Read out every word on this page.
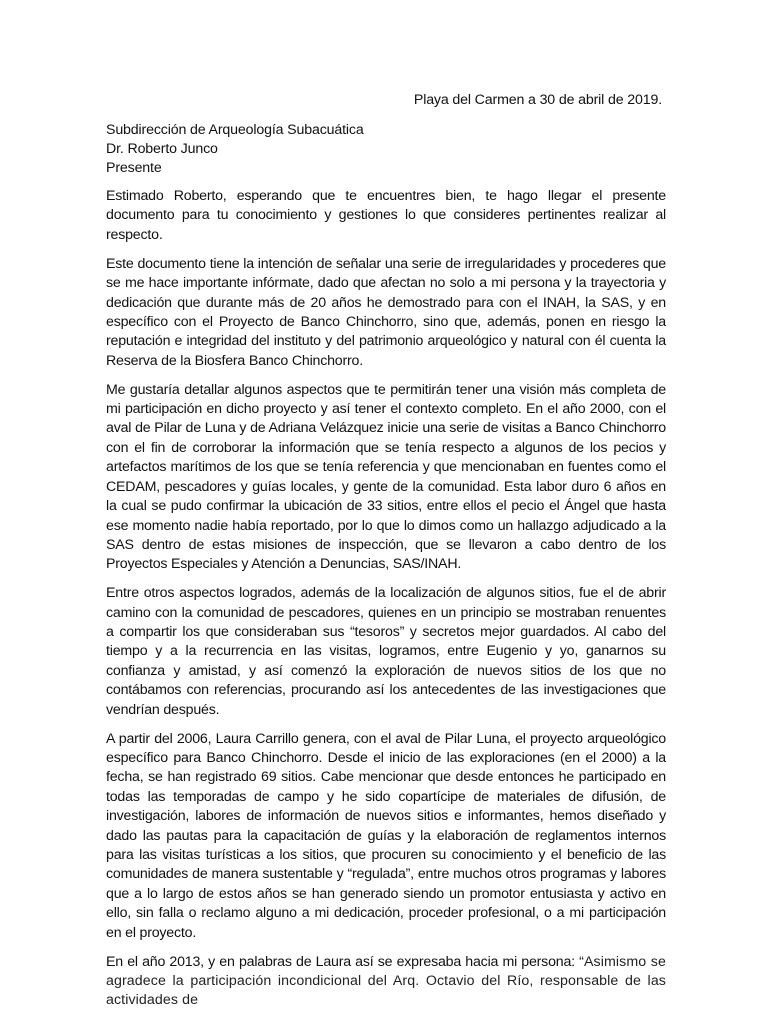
Playa del Carmen a 30 de abril de 2019.
Subdirección de Arqueología Subacuática
Dr. Roberto Junco
Presente

Estimado Roberto, esperando que te encuentres bien, te hago llegar el presente documento para tu conocimiento y gestiones lo que consideres pertinentes realizar al respecto.

Este documento tiene la intención de señalar una serie de irregularidades y procederes que se me hace importante infórmate, dado que afectan no solo a mi persona y la trayectoria y dedicación que durante más de 20 años he demostrado para con el INAH, la SAS, y en específico con el Proyecto de Banco Chinchorro, sino que, además, ponen en riesgo la reputación e integridad del instituto y del patrimonio arqueológico y natural con él cuenta la Reserva de la Biosfera Banco Chinchorro.

Me gustaría detallar algunos aspectos que te permitirán tener una visión más completa de mi participación en dicho proyecto y así tener el contexto completo. En el año 2000, con el aval de Pilar de Luna y de Adriana Velázquez inicie una serie de visitas a Banco Chinchorro con el fin de corroborar la información que se tenía respecto a algunos de los pecios y artefactos marítimos de los que se tenía referencia y que mencionaban en fuentes como el CEDAM, pescadores y guías locales, y gente de la comunidad. Esta labor duro 6 años en la cual se pudo confirmar la ubicación de 33 sitios, entre ellos el pecio el Ángel que hasta ese momento nadie había reportado, por lo que lo dimos como un hallazgo adjudicado a la SAS dentro de estas misiones de inspección, que se llevaron a cabo dentro de los Proyectos Especiales y Atención a Denuncias, SAS/INAH.

Entre otros aspectos logrados, además de la localización de algunos sitios, fue el de abrir camino con la comunidad de pescadores, quienes en un principio se mostraban renuentes a compartir los que consideraban sus “tesoros” y secretos mejor guardados. Al cabo del tiempo y a la recurrencia en las visitas, logramos, entre Eugenio y yo, ganarnos su confianza y amistad, y así comenzó la exploración de nuevos sitios de los que no contábamos con referencias, procurando así los antecedentes de las investigaciones que vendrían después.

A partir del 2006, Laura Carrillo genera, con el aval de Pilar Luna, el proyecto arqueológico específico para Banco Chinchorro. Desde el inicio de las exploraciones (en el 2000) a la fecha, se han registrado 69 sitios. Cabe mencionar que desde entonces he participado en todas las temporadas de campo y he sido copartícipe de materiales de difusión, de investigación, labores de información de nuevos sitios e informantes, hemos diseñado y dado las pautas para la capacitación de guías y la elaboración de reglamentos internos para las visitas turísticas a los sitios, que procuren su conocimiento y el beneficio de las comunidades de manera sustentable y “regulada”, entre muchos otros programas y labores que a lo largo de estos años se han generado siendo un promotor entusiasta y activo en ello, sin falla o reclamo alguno a mi dedicación, proceder profesional, o a mi participación en el proyecto.

En el año 2013, y en palabras de Laura así se expresaba hacia mi persona: “Asimismo se agradece la participación incondicional del Arq. Octavio del Río, responsable de las actividades de
